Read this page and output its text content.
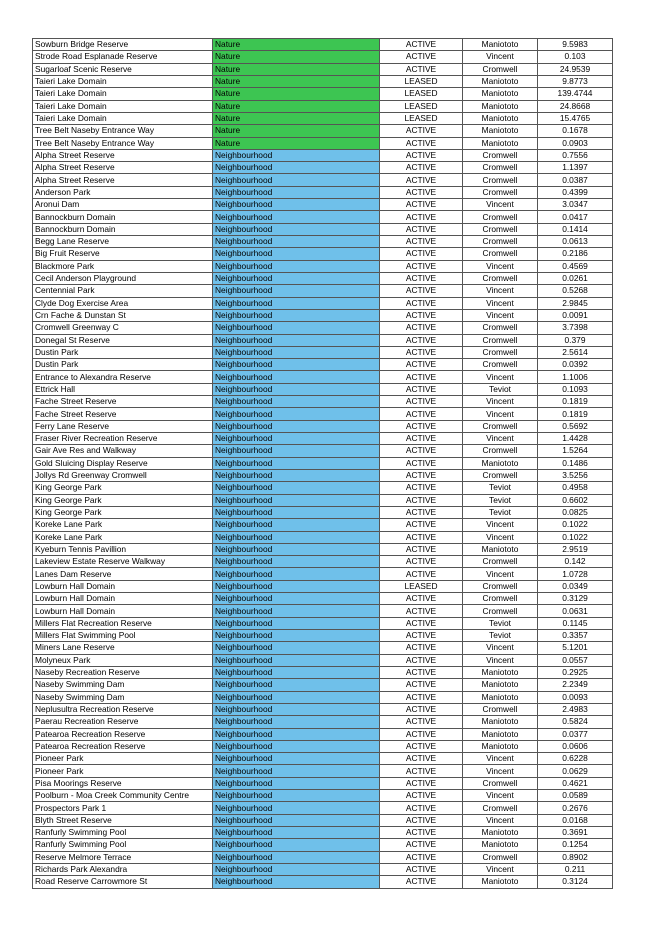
Sowburn Bridge Reserve	Nature	ACTIVE	Maniototo	9.5983
Strode Road Esplanade Reserve	Nature	ACTIVE	Vincent	0.103
Sugarloaf Scenic Reserve	Nature	ACTIVE	Cromwell	24.9539
Taieri Lake Domain	Nature	LEASED	Maniototo	9.8773
Taieri Lake Domain	Nature	LEASED	Maniototo	139.4744
Taieri Lake Domain	Nature	LEASED	Maniototo	24.8668
Taieri Lake Domain	Nature	LEASED	Maniototo	15.4765
Tree Belt Naseby Entrance Way	Nature	ACTIVE	Maniototo	0.1678
Tree Belt Naseby Entrance Way	Nature	ACTIVE	Maniototo	0.0903
Alpha Street Reserve	Neighbourhood	ACTIVE	Cromwell	0.7556
Alpha Street Reserve	Neighbourhood	ACTIVE	Cromwell	1.1397
Alpha Street Reserve	Neighbourhood	ACTIVE	Cromwell	0.0387
Anderson Park	Neighbourhood	ACTIVE	Cromwell	0.4399
Aronui Dam	Neighbourhood	ACTIVE	Vincent	3.0347
Bannockburn Domain	Neighbourhood	ACTIVE	Cromwell	0.0417
Bannockburn Domain	Neighbourhood	ACTIVE	Cromwell	0.1414
Begg Lane Reserve	Neighbourhood	ACTIVE	Cromwell	0.0613
Big Fruit Reserve	Neighbourhood	ACTIVE	Cromwell	0.2186
Blackmore Park	Neighbourhood	ACTIVE	Vincent	0.4569
Cecil Anderson Playground	Neighbourhood	ACTIVE	Cromwell	0.0261
Centennial Park	Neighbourhood	ACTIVE	Vincent	0.5268
Clyde Dog Exercise Area	Neighbourhood	ACTIVE	Vincent	2.9845
Crn Fache & Dunstan St	Neighbourhood	ACTIVE	Vincent	0.0091
Cromwell Greenway C	Neighbourhood	ACTIVE	Cromwell	3.7398
Donegal St Reserve	Neighbourhood	ACTIVE	Cromwell	0.379
Dustin Park	Neighbourhood	ACTIVE	Cromwell	2.5614
Dustin Park	Neighbourhood	ACTIVE	Cromwell	0.0392
Entrance to Alexandra Reserve	Neighbourhood	ACTIVE	Vincent	1.1006
Ettrick Hall	Neighbourhood	ACTIVE	Teviot	0.1093
Fache Street Reserve	Neighbourhood	ACTIVE	Vincent	0.1819
Fache Street Reserve	Neighbourhood	ACTIVE	Vincent	0.1819
Ferry Lane Reserve	Neighbourhood	ACTIVE	Cromwell	0.5692
Fraser River Recreation Reserve	Neighbourhood	ACTIVE	Vincent	1.4428
Gair Ave Res and Walkway	Neighbourhood	ACTIVE	Cromwell	1.5264
Gold Sluicing Display Reserve	Neighbourhood	ACTIVE	Maniototo	0.1486
Jollys Rd Greenway Cromwell	Neighbourhood	ACTIVE	Cromwell	3.5256
King George Park	Neighbourhood	ACTIVE	Teviot	0.4958
King George Park	Neighbourhood	ACTIVE	Teviot	0.6602
King George Park	Neighbourhood	ACTIVE	Teviot	0.0825
Koreke Lane Park	Neighbourhood	ACTIVE	Vincent	0.1022
Koreke Lane Park	Neighbourhood	ACTIVE	Vincent	0.1022
Kyeburn Tennis Pavillion	Neighbourhood	ACTIVE	Maniototo	2.9519
Lakeview Estate Reserve Walkway	Neighbourhood	ACTIVE	Cromwell	0.142
Lanes Dam Reserve	Neighbourhood	ACTIVE	Vincent	1.0728
Lowburn Hall Domain	Neighbourhood	LEASED	Cromwell	0.0349
Lowburn Hall Domain	Neighbourhood	ACTIVE	Cromwell	0.3129
Lowburn Hall Domain	Neighbourhood	ACTIVE	Cromwell	0.0631
Millers Flat Recreation Reserve	Neighbourhood	ACTIVE	Teviot	0.1145
Millers Flat Swimming Pool	Neighbourhood	ACTIVE	Teviot	0.3357
Miners Lane Reserve	Neighbourhood	ACTIVE	Vincent	5.1201
Molyneux Park	Neighbourhood	ACTIVE	Vincent	0.0557
Naseby Recreation Reserve	Neighbourhood	ACTIVE	Maniototo	0.2925
Naseby Swimming Dam	Neighbourhood	ACTIVE	Maniototo	2.2349
Naseby Swimming Dam	Neighbourhood	ACTIVE	Maniototo	0.0093
Neplusultra Recreation Reserve	Neighbourhood	ACTIVE	Cromwell	2.4983
Paerau Recreation Reserve	Neighbourhood	ACTIVE	Maniototo	0.5824
Patearoa Recreation Reserve	Neighbourhood	ACTIVE	Maniototo	0.0377
Patearoa Recreation Reserve	Neighbourhood	ACTIVE	Maniototo	0.0606
Pioneer Park	Neighbourhood	ACTIVE	Vincent	0.6228
Pioneer Park	Neighbourhood	ACTIVE	Vincent	0.0629
Pisa Moorings Reserve	Neighbourhood	ACTIVE	Cromwell	0.4621
Poolburn - Moa Creek Community Centre	Neighbourhood	ACTIVE	Vincent	0.0589
Prospectors Park 1	Neighbourhood	ACTIVE	Cromwell	0.2676
Blyth Street Reserve	Neighbourhood	ACTIVE	Vincent	0.0168
Ranfurly Swimming Pool	Neighbourhood	ACTIVE	Maniototo	0.3691
Ranfurly Swimming Pool	Neighbourhood	ACTIVE	Maniototo	0.1254
Reserve Melmore Terrace	Neighbourhood	ACTIVE	Cromwell	0.8902
Richards Park Alexandra	Neighbourhood	ACTIVE	Vincent	0.211
Road Reserve Carrowmore St	Neighbourhood	ACTIVE	Maniototo	0.3124
